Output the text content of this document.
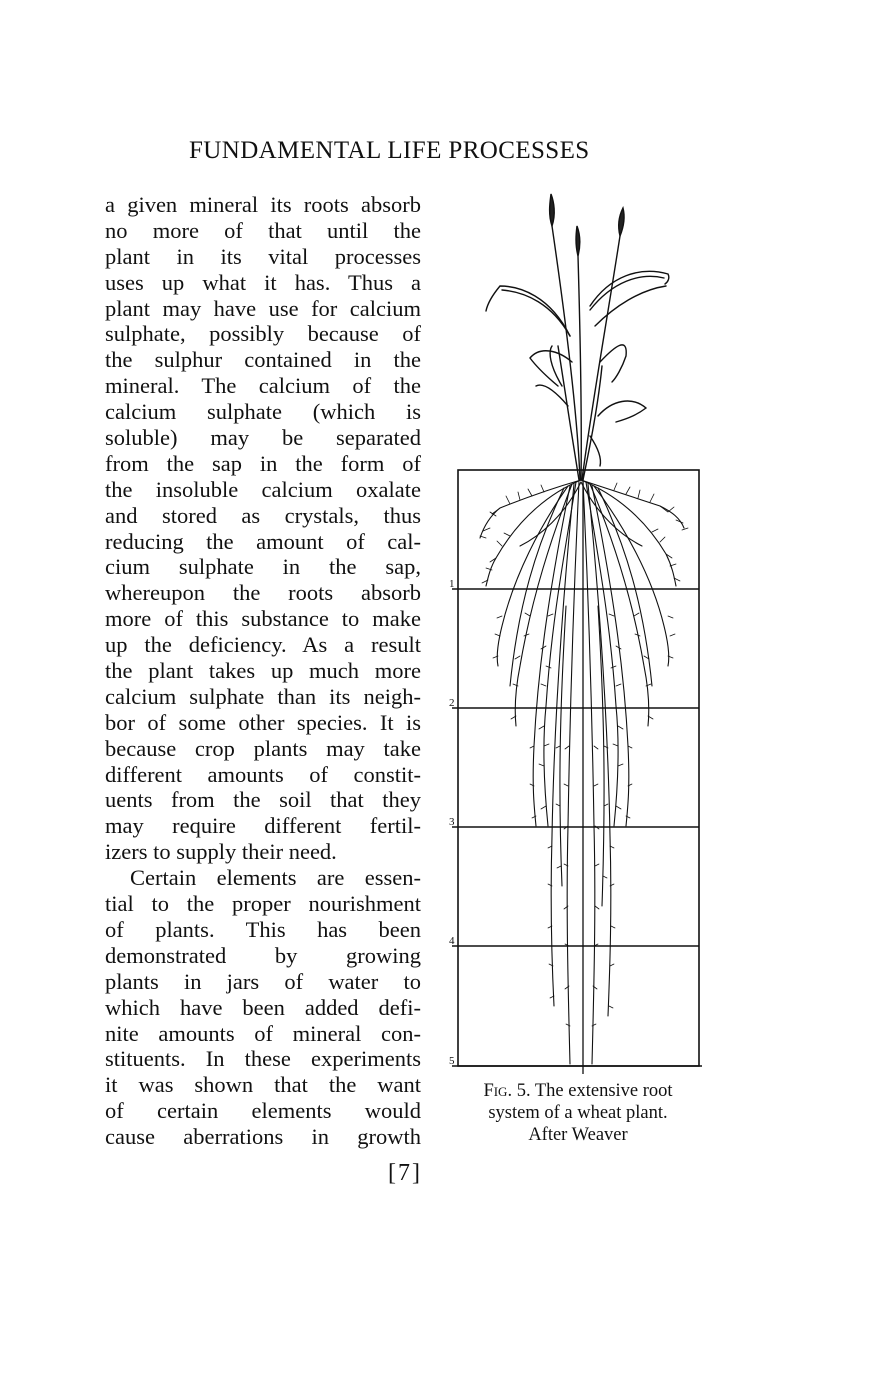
FUNDAMENTAL LIFE PROCESSES
a given mineral its roots absorb
no more of that until the
plant in its vital processes
uses up what it has. Thus a
plant may have use for calcium
sulphate, possibly because of
the sulphur contained in the
mineral. The calcium of the
calcium sulphate (which is
soluble) may be separated
from the sap in the form of
the insoluble calcium oxalate
and stored as crystals, thus
reducing the amount of cal-
cium sulphate in the sap,
whereupon the roots absorb
more of this substance to make
up the deficiency. As a result
the plant takes up much more
calcium sulphate than its neigh-
bor of some other species. It is
because crop plants may take
different amounts of constit-
uents from the soil that they
may require different fertil-
izers to supply their need.
Certain elements are essen-
tial to the proper nourishment
of plants. This has been
demonstrated by growing
plants in jars of water to
which have been added defi-
nite amounts of mineral con-
stituents. In these experiments
it was shown that the want
of certain elements would
cause aberrations in growth
1
2
3
4
5
Fig. 5. The extensive root
system of a wheat plant.
After Weaver
[7]
